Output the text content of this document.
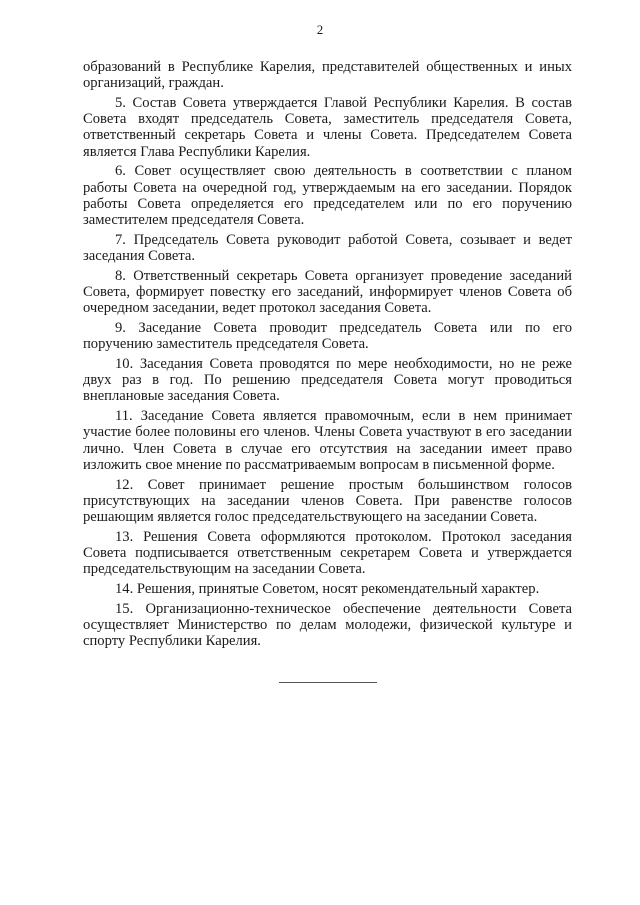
2

образований в Республике Карелия, представителей общественных и иных организаций, граждан.

5. Состав Совета утверждается Главой Республики Карелия. В состав Совета входят председатель Совета, заместитель председателя Совета, ответственный секретарь Совета и члены Совета. Председателем Совета является Глава Республики Карелия.

6. Совет осуществляет свою деятельность в соответствии с планом работы Совета на очередной год, утверждаемым на его заседании. Порядок работы Совета определяется его председателем или по его поручению заместителем председателя Совета.

7. Председатель Совета руководит работой Совета, созывает и ведет заседания Совета.

8. Ответственный секретарь Совета организует проведение заседаний Совета, формирует повестку его заседаний, информирует членов Совета об очередном заседании, ведет протокол заседания Совета.

9. Заседание Совета проводит председатель Совета или по его поручению заместитель председателя Совета.

10. Заседания Совета проводятся по мере необходимости, но не реже двух раз в год. По решению председателя Совета могут проводиться внеплановые заседания Совета.

11. Заседание Совета является правомочным, если в нем принимает участие более половины его членов. Члены Совета участвуют в его заседании лично. Член Совета в случае его отсутствия на заседании имеет право изложить свое мнение по рассматриваемым вопросам в письменной форме.

12. Совет принимает решение простым большинством голосов присутствующих на заседании членов Совета. При равенстве голосов решающим является голос председательствующего на заседании Совета.

13. Решения Совета оформляются протоколом. Протокол заседания Совета подписывается ответственным секретарем Совета и утверждается председательствующим на заседании Совета.

14. Решения, принятые Советом, носят рекомендательный характер.

15. Организационно-техническое обеспечение деятельности Совета осуществляет Министерство по делам молодежи, физической культуре и спорту Республики Карелия.
